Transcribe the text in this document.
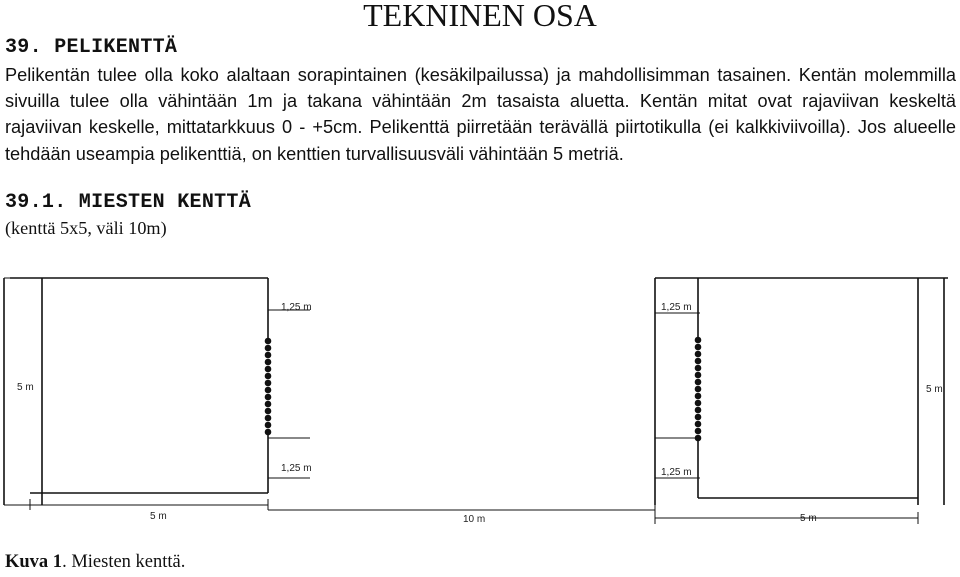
TEKNINEN OSA
39. PELIKENTTÄ

Pelikentän tulee olla koko alaltaan sorapintainen (kesäkilpailussa) ja mahdollisimman tasainen. Kentän molemmilla sivuilla tulee olla vähintään 1m ja takana vähintään 2m tasaista aluetta. Kentän mitat ovat rajaviivan keskeltä rajaviivan keskelle, mittatarkkuus 0 - +5cm. Pelikenttä piirretään terävällä piirtotikulla (ei kalkkiviivoilla). Jos alueelle tehdään useampia pelikenttiä, on kenttien turvallisuusväli vähintään 5 metriä.

39.1. MIESTEN KENTTÄ
(kenttä 5x5, väli 10m)
5 m
1,25 m
1,25 m
5 m	10 m
1,25 m
1,25 m
5 m
5 m
Kuva 1. Miesten kenttä.
